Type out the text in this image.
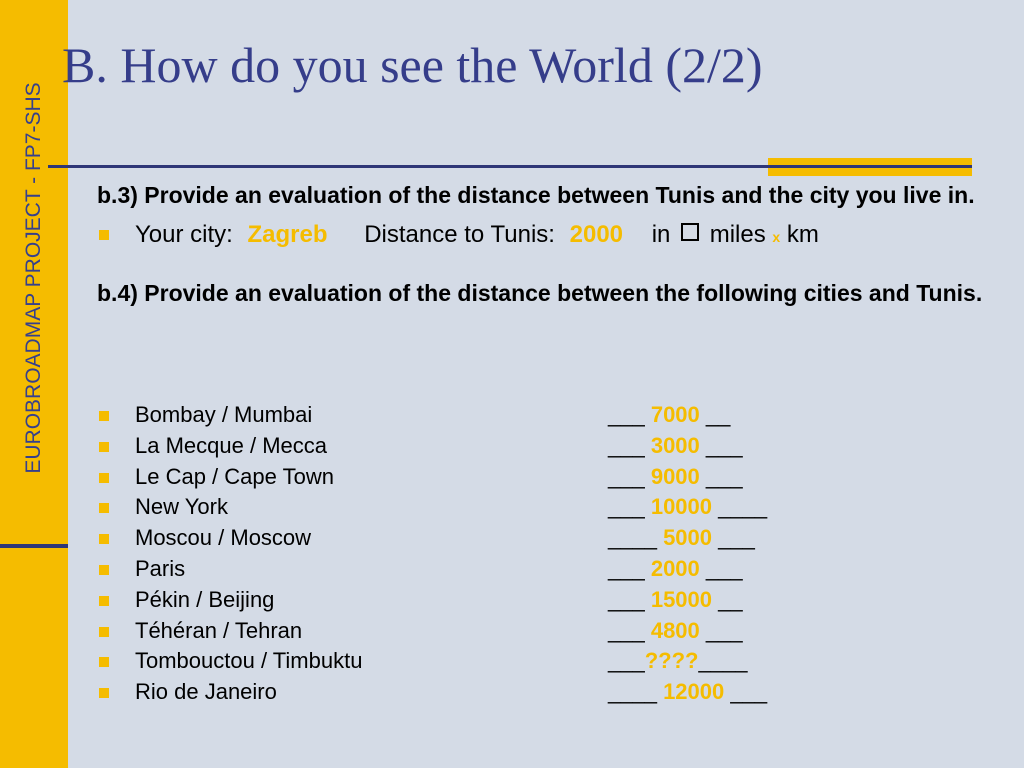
EUROBROADMAP PROJECT - FP7-SHS
B. How do you see the World (2/2)

b.3) Provide an evaluation of the distance between Tunis and the city you live in.

Your city: Zagreb Distance to Tunis: 2000 in miles x km

b.4) Provide an evaluation of the distance between the following cities and Tunis.

Bombay / Mumbai	___ 7000 __
La Mecque / Mecca	___ 3000 ___
Le Cap / Cape Town	___ 9000 ___
New York	___ 10000 ____
Moscou / Moscow	____ 5000 ___
Paris	___ 2000 ___
Pékin / Beijing	___ 15000 __
Téhéran / Tehran	___ 4800 ___
Tombouctou / Timbuktu	___????____
Rio de Janeiro	____ 12000 ___
